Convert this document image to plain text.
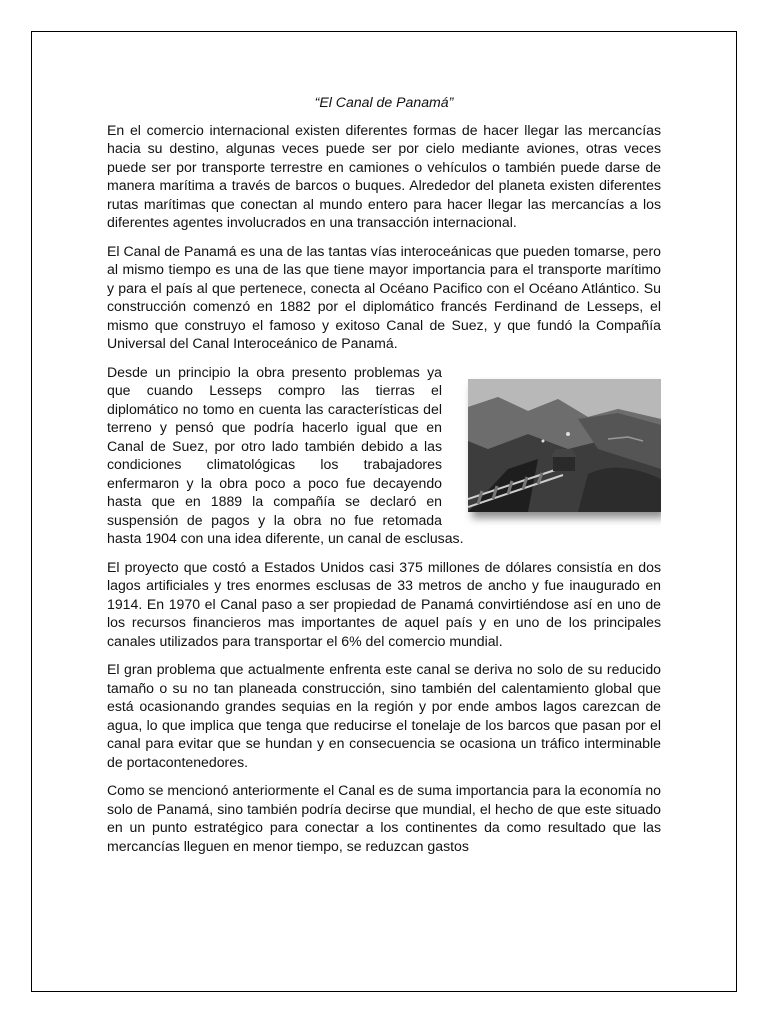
“El Canal de Panamá”

En el comercio internacional existen diferentes formas de hacer llegar las mercancías hacia su destino, algunas veces puede ser por cielo mediante aviones, otras veces puede ser por transporte terrestre en camiones o vehículos o también puede darse de manera marítima a través de barcos o buques. Alrededor del planeta existen diferentes rutas marítimas que conectan al mundo entero para hacer llegar las mercancías a los diferentes agentes involucrados en una transacción internacional.

El Canal de Panamá es una de las tantas vías interoceánicas que pueden tomarse, pero al mismo tiempo es una de las que tiene mayor importancia para el transporte marítimo y para el país al que pertenece, conecta al Océano Pacifico con el Océano Atlántico. Su construcción comenzó en 1882 por el diplomático francés Ferdinand de Lesseps, el mismo que construyo el famoso y exitoso Canal de Suez, y que fundó la Compañía Universal del Canal Interoceánico de Panamá.

Desde un principio la obra presento problemas ya que cuando Lesseps compro las tierras el diplomático no tomo en cuenta las características del terreno y pensó que podría hacerlo igual que en Canal de Suez, por otro lado también debido a las condiciones climatológicas los trabajadores enfermaron y la obra poco a poco fue decayendo hasta que en 1889 la compañía se declaró en suspensión de pagos y la obra no fue retomada hasta 1904 con una idea diferente, un canal de esclusas.

El proyecto que costó a Estados Unidos casi 375 millones de dólares consistía en dos lagos artificiales y tres enormes esclusas de 33 metros de ancho y fue inaugurado en 1914. En 1970 el Canal paso a ser propiedad de Panamá convirtiéndose así en uno de los recursos financieros mas importantes de aquel país y en uno de los principales canales utilizados para transportar el 6% del comercio mundial.

El gran problema que actualmente enfrenta este canal se deriva no solo de su reducido tamaño o su no tan planeada construcción, sino también del calentamiento global que está ocasionando grandes sequias en la región y por ende ambos lagos carezcan de agua, lo que implica que tenga que reducirse el tonelaje de los barcos que pasan por el canal para evitar que se hundan y en consecuencia se ocasiona un tráfico interminable de portacontenedores.

Como se mencionó anteriormente el Canal es de suma importancia para la economía no solo de Panamá, sino también podría decirse que mundial, el hecho de que este situado en un punto estratégico para conectar a los continentes da como resultado que las mercancías lleguen en menor tiempo, se reduzcan gastos
